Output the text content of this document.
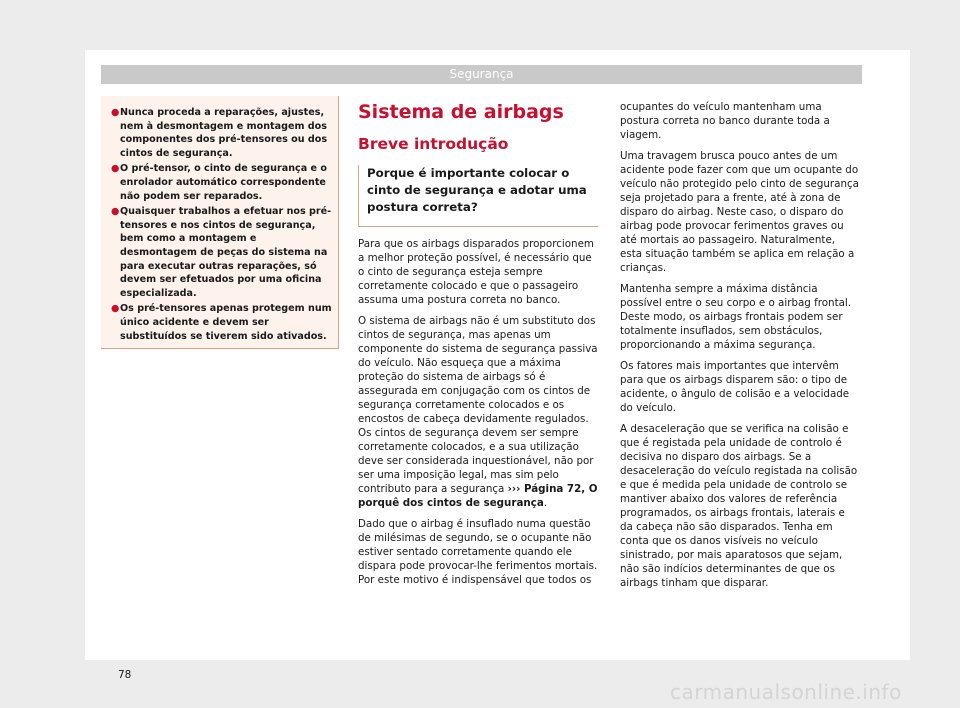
Segurança
● Nunca proceda a reparações, ajustes, nem à desmontagem e montagem dos componentes dos pré-tensores ou dos cintos de segurança.
● O pré-tensor, o cinto de segurança e o enrolador automático correspondente não podem ser reparados.
● Quaisquer trabalhos a efetuar nos pré-tensores e nos cintos de segurança, bem como a montagem e desmontagem de peças do sistema na para executar outras reparações, só devem ser efetuados por uma oficina especializada.
● Os pré-tensores apenas protegem num único acidente e devem ser substituídos se tiverem sido ativados.
Sistema de airbags
Breve introdução
Porque é importante colocar o cinto de segurança e adotar uma postura correta?

Para que os airbags disparados proporcionem a melhor proteção possível, é necessário que o cinto de segurança esteja sempre corretamente colocado e que o passageiro assuma uma postura correta no banco.

O sistema de airbags não é um substituto dos cintos de segurança, mas apenas um componente do sistema de segurança passiva do veículo. Não esqueça que a máxima proteção do sistema de airbags só é assegurada em conjugação com os cintos de segurança corretamente colocados e os encostos de cabeça devidamente regulados. Os cintos de segurança devem ser sempre corretamente colocados, e a sua utilização deve ser considerada inquestionável, não por ser uma imposição legal, mas sim pelo contributo para a segurança ››› Página 72, O porquê dos cintos de segurança.

Dado que o airbag é insuflado numa questão de milésimas de segundo, se o ocupante não estiver sentado corretamente quando ele dispara pode provocar-lhe ferimentos mortais. Por este motivo é indispensável que todos os

ocupantes do veículo mantenham uma postura correta no banco durante toda a viagem.

Uma travagem brusca pouco antes de um acidente pode fazer com que um ocupante do veículo não protegido pelo cinto de segurança seja projetado para a frente, até à zona de disparo do airbag. Neste caso, o disparo do airbag pode provocar ferimentos graves ou até mortais ao passageiro. Naturalmente, esta situação também se aplica em relação a crianças.

Mantenha sempre a máxima distância possível entre o seu corpo e o airbag frontal. Deste modo, os airbags frontais podem ser totalmente insuflados, sem obstáculos, proporcionando a máxima segurança.

Os fatores mais importantes que intervêm para que os airbags disparem são: o tipo de acidente, o ângulo de colisão e a velocidade do veículo.

A desaceleração que se verifica na colisão e que é registada pela unidade de controlo é decisiva no disparo dos airbags. Se a desaceleração do veículo registada na colisão e que é medida pela unidade de controlo se mantiver abaixo dos valores de referência programados, os airbags frontais, laterais e da cabeça não são disparados. Tenha em conta que os danos visíveis no veículo sinistrado, por mais aparatosos que sejam, não são indícios determinantes de que os airbags tinham que disparar.

78
carmanualsonline.info
